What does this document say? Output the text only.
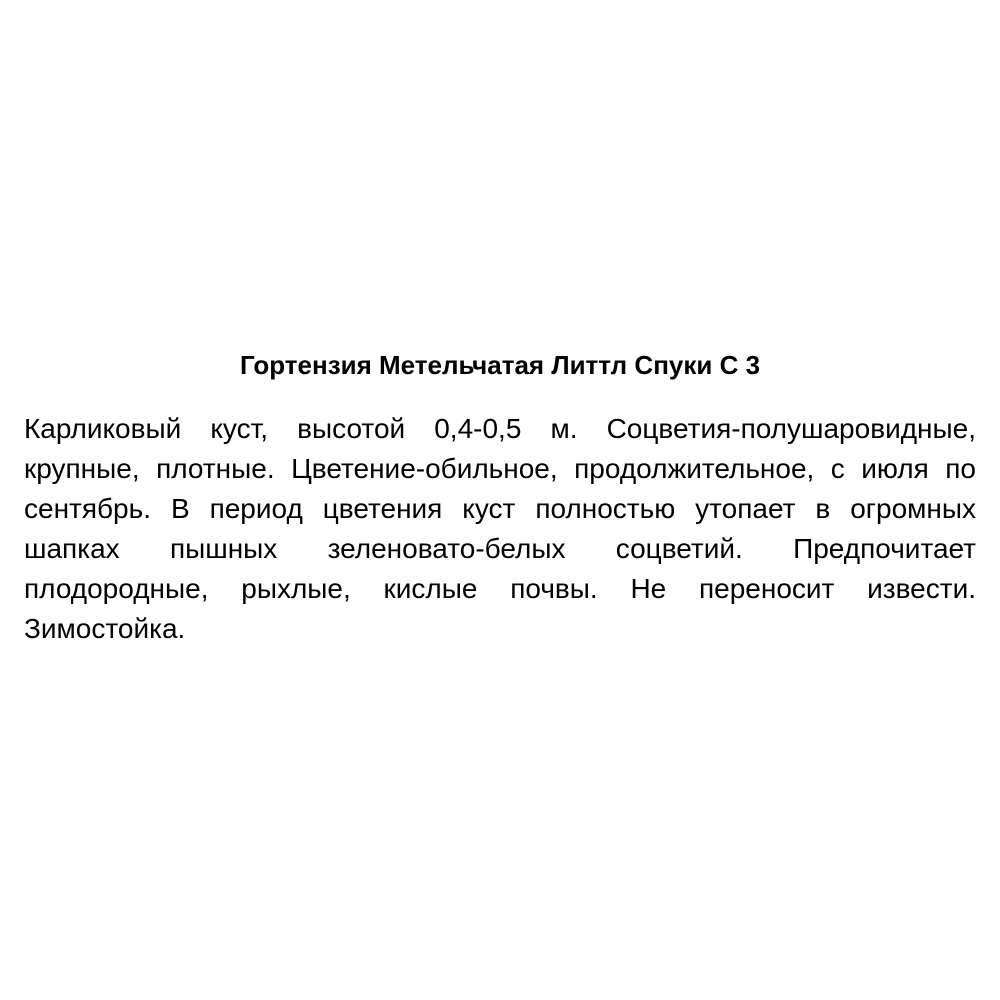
Гортензия Метельчатая Литтл Спуки С 3

Карликовый куст, высотой 0,4-0,5 м. Соцветия-полушаровидные, крупные, плотные. Цветение-обильное, продолжительное, с июля по сентябрь. В период цветения куст полностью утопает в огромных шапках пышных зеленовато-белых соцветий. Предпочитает плодородные, рыхлые, кислые почвы. Не переносит извести. Зимостойка.
